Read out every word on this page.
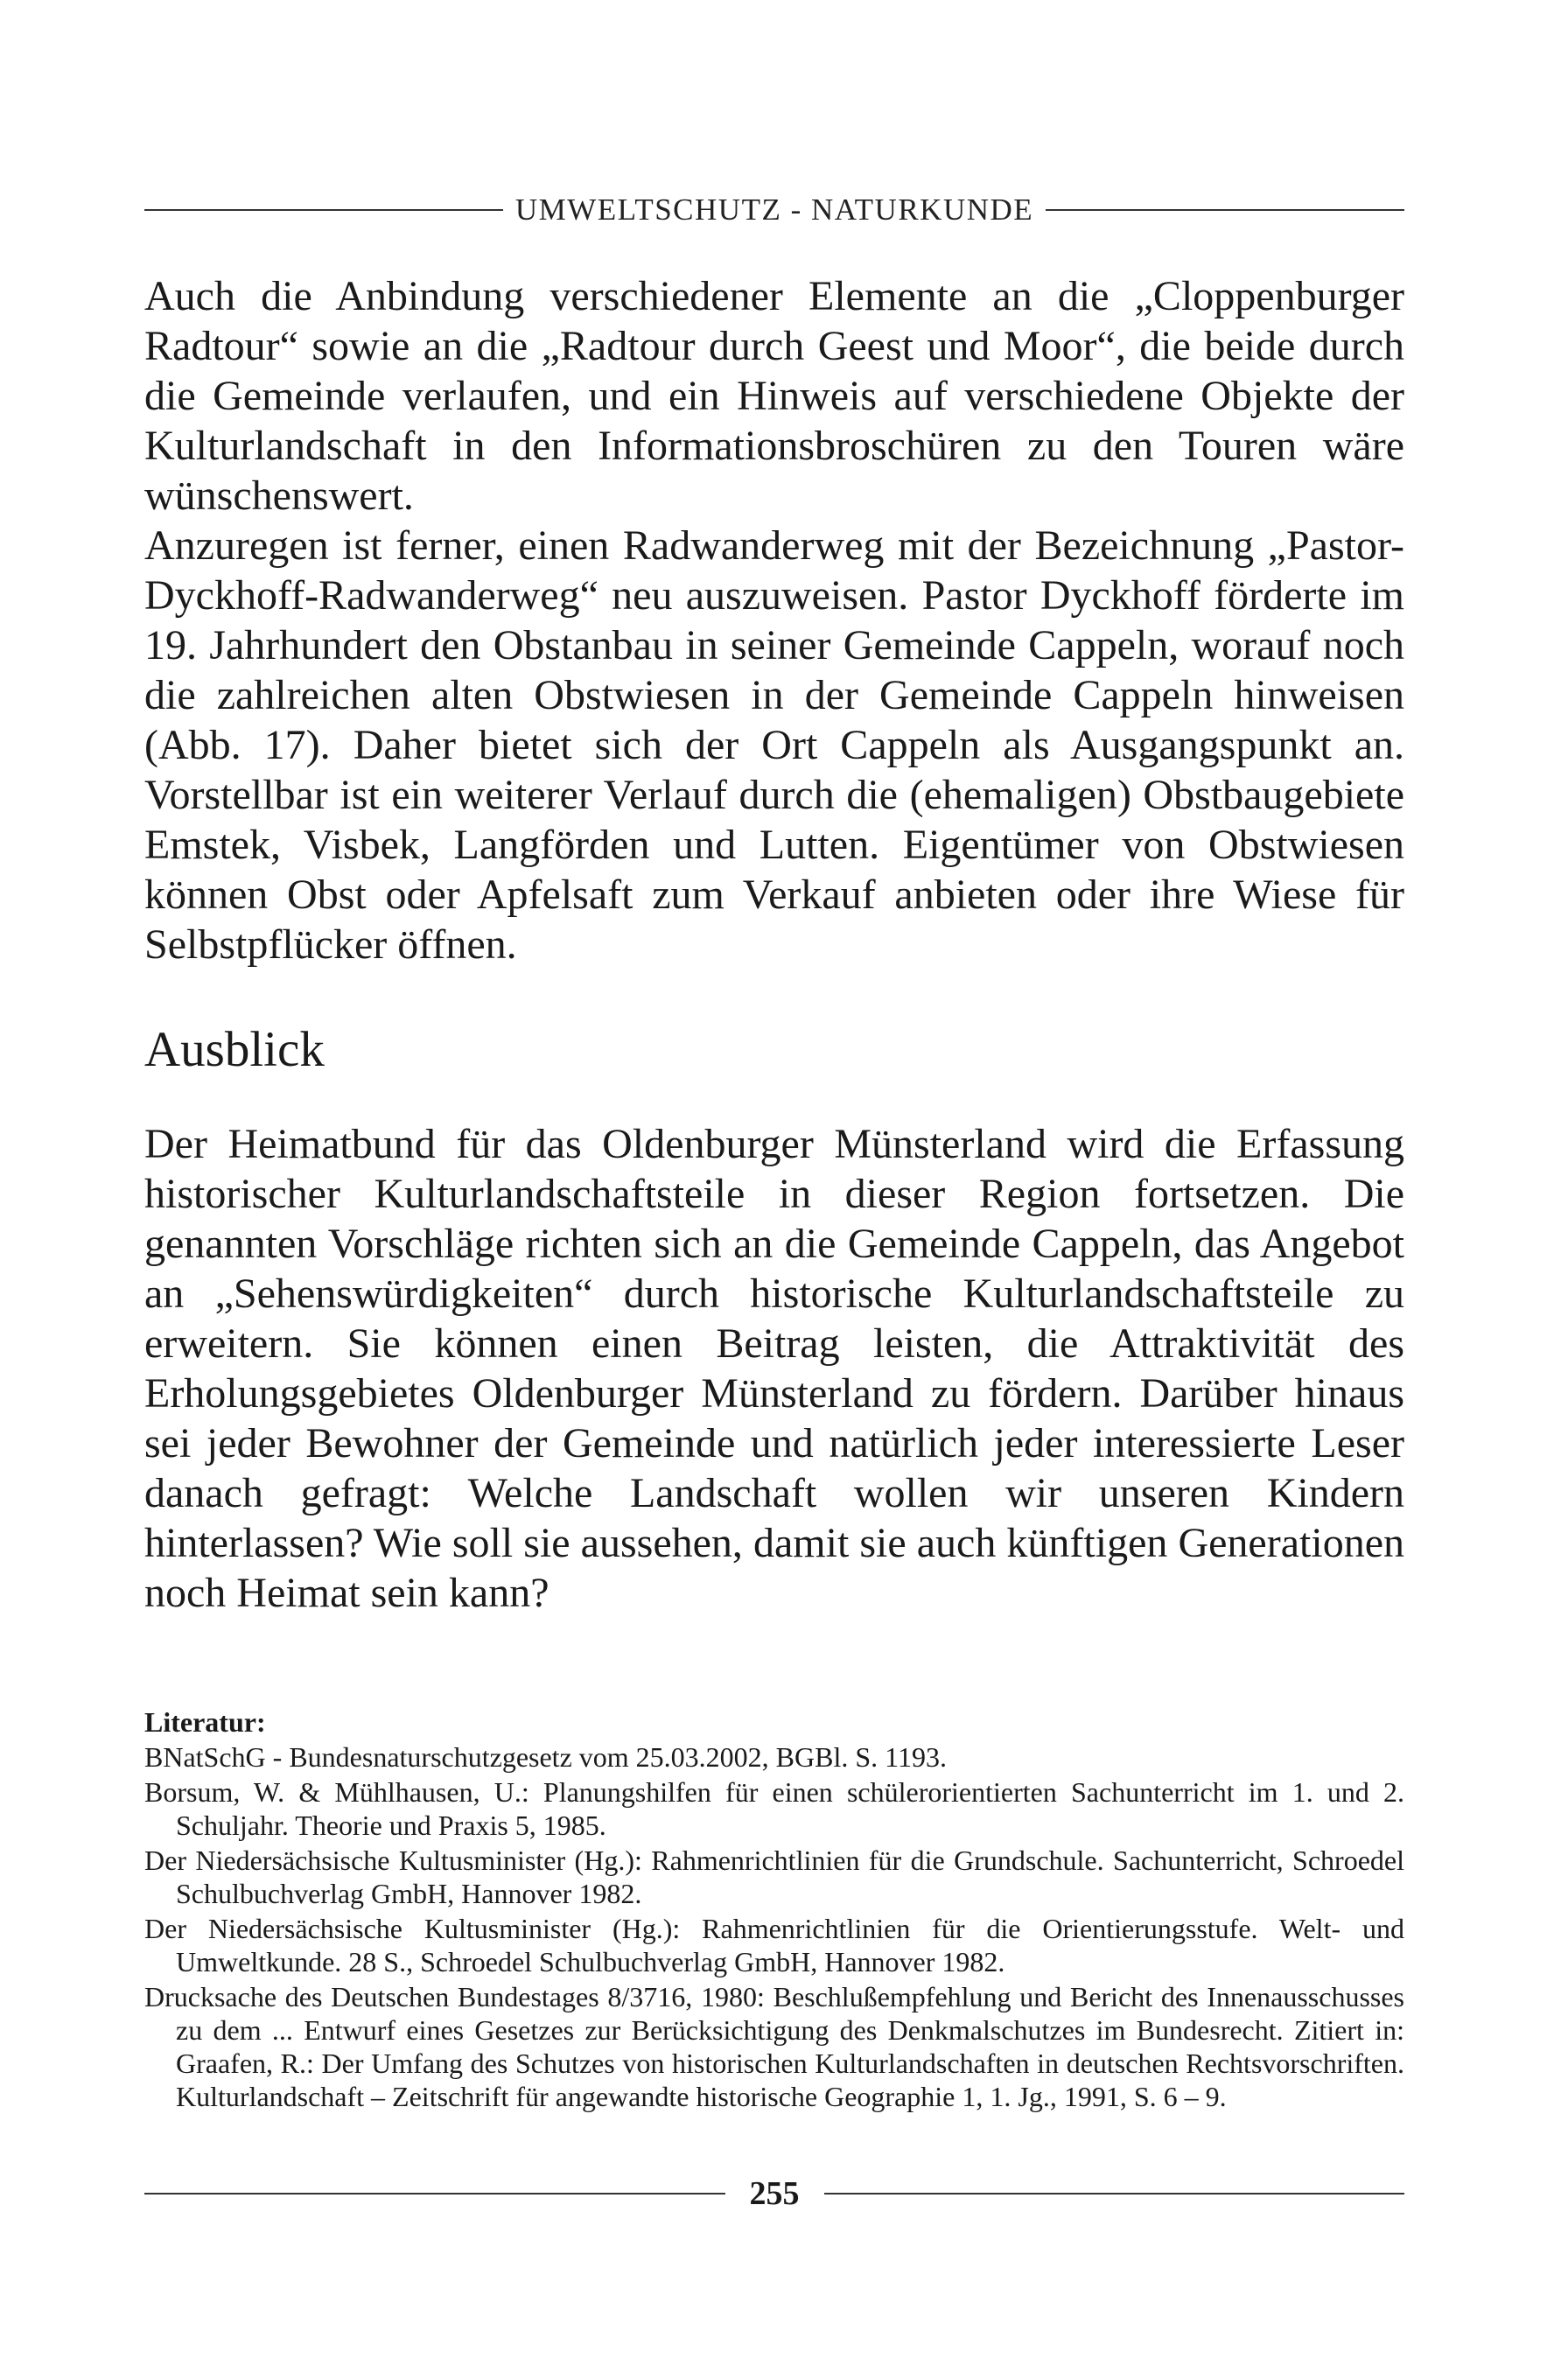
UMWELTSCHUTZ - NATURKUNDE

Auch die Anbindung verschiedener Elemente an die „Cloppenburger Radtour“ sowie an die „Radtour durch Geest und Moor“, die beide durch die Gemeinde verlaufen, und ein Hinweis auf verschiedene Objekte der Kulturlandschaft in den Informationsbroschüren zu den Touren wäre wünschenswert.

Anzuregen ist ferner, einen Radwanderweg mit der Bezeichnung „Pastor-Dyckhoff-Radwanderweg“ neu auszuweisen. Pastor Dyckhoff förderte im 19. Jahrhundert den Obstanbau in seiner Gemeinde Cappeln, worauf noch die zahlreichen alten Obstwiesen in der Gemeinde Cappeln hinweisen (Abb. 17). Daher bietet sich der Ort Cappeln als Ausgangspunkt an. Vorstellbar ist ein weiterer Verlauf durch die (ehemaligen) Obstbaugebiete Emstek, Visbek, Langförden und Lutten. Eigentümer von Obstwiesen können Obst oder Apfelsaft zum Verkauf anbieten oder ihre Wiese für Selbstpflücker öffnen.

Ausblick

Der Heimatbund für das Oldenburger Münsterland wird die Erfassung historischer Kulturlandschaftsteile in dieser Region fortsetzen. Die genannten Vorschläge richten sich an die Gemeinde Cappeln, das Angebot an „Sehenswürdigkeiten“ durch historische Kulturlandschaftsteile zu erweitern. Sie können einen Beitrag leisten, die Attraktivität des Erholungsgebietes Oldenburger Münsterland zu fördern. Darüber hinaus sei jeder Bewohner der Gemeinde und natürlich jeder interessierte Leser danach gefragt: Welche Landschaft wollen wir unseren Kindern hinterlassen? Wie soll sie aussehen, damit sie auch künftigen Generationen noch Heimat sein kann?

Literatur:
BNatSchG - Bundesnaturschutzgesetz vom 25.03.2002, BGBl. S. 1193.
Borsum, W. & Mühlhausen, U.: Planungshilfen für einen schülerorientierten Sachunterricht im 1. und 2. Schuljahr. Theorie und Praxis 5, 1985.
Der Niedersächsische Kultusminister (Hg.): Rahmenrichtlinien für die Grundschule. Sachunterricht, Schroedel Schulbuchverlag GmbH, Hannover 1982.
Der Niedersächsische Kultusminister (Hg.): Rahmenrichtlinien für die Orientierungsstufe. Welt- und Umweltkunde. 28 S., Schroedel Schulbuchverlag GmbH, Hannover 1982.
Drucksache des Deutschen Bundestages 8/3716, 1980: Beschlußempfehlung und Bericht des Innenausschusses zu dem ... Entwurf eines Gesetzes zur Berücksichtigung des Denkmalschutzes im Bundesrecht. Zitiert in: Graafen, R.: Der Umfang des Schutzes von historischen Kulturlandschaften in deutschen Rechtsvorschriften. Kulturlandschaft – Zeitschrift für angewandte historische Geographie 1, 1. Jg., 1991, S. 6 – 9.
255
